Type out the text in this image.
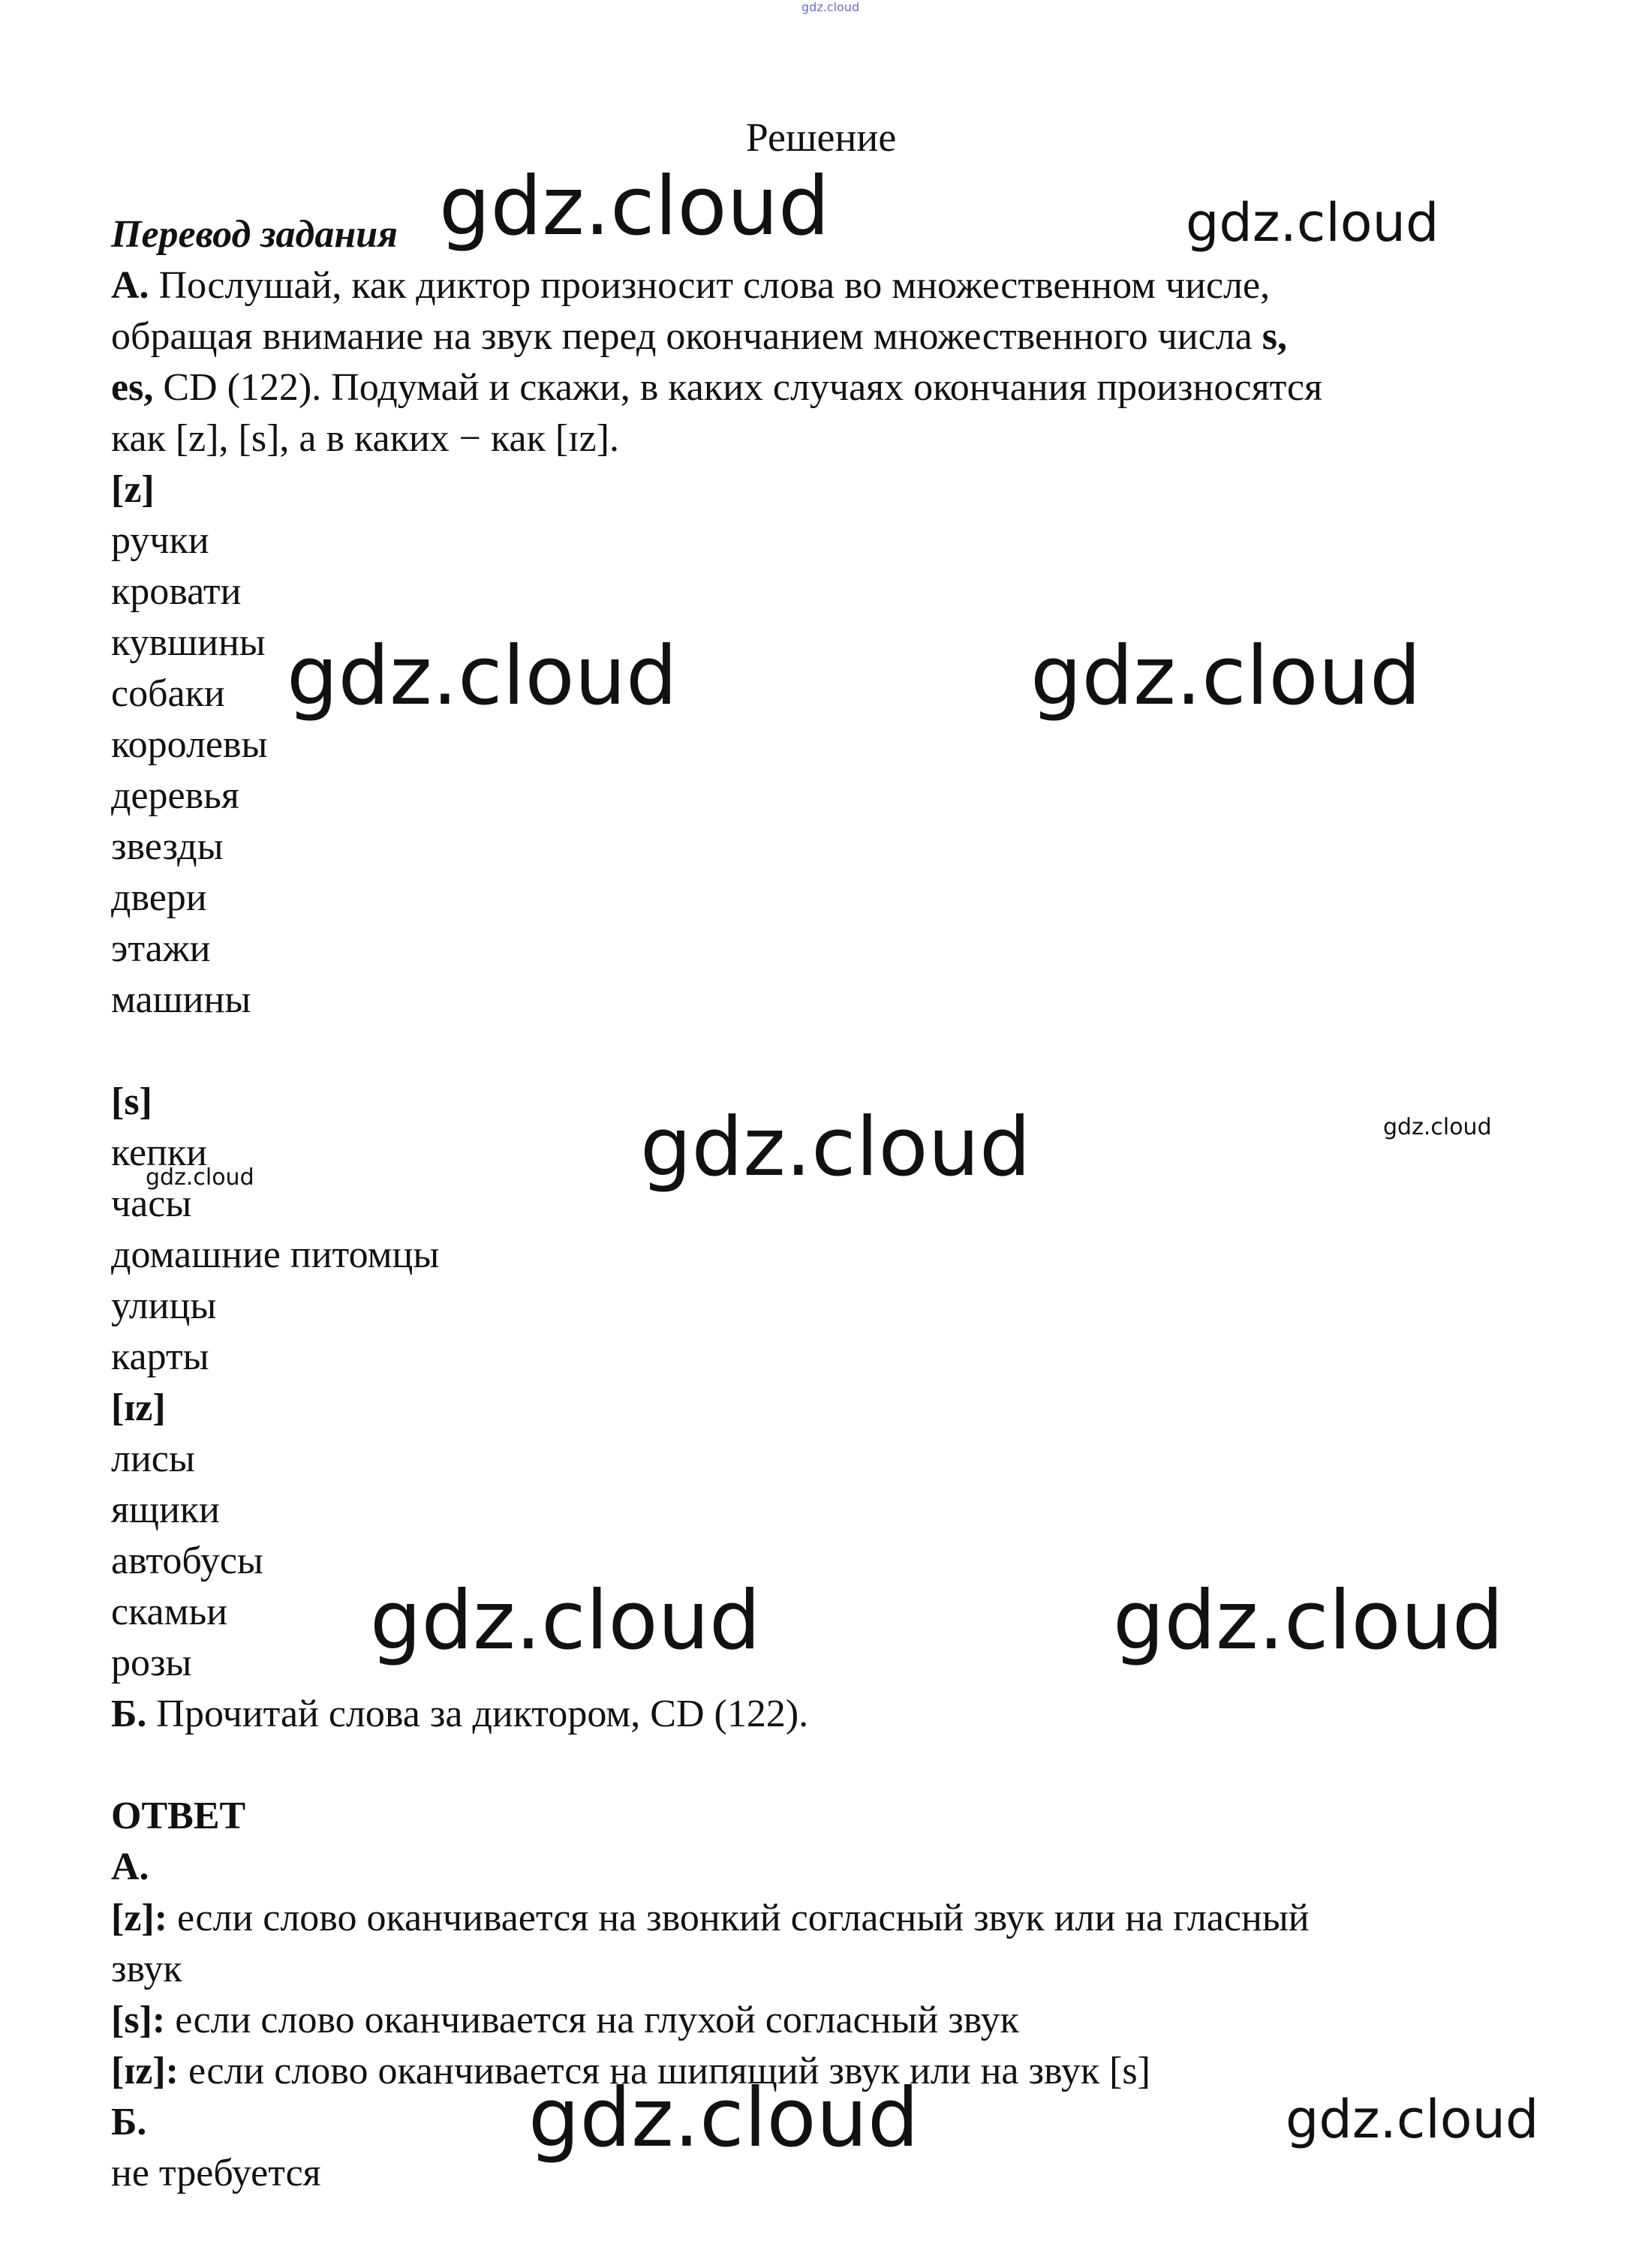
gdz.cloud
Решение
Перевод задания
А. Послушай, как диктор произносит слова во множественном числе,
обращая внимание на звук перед окончанием множественного числа s,
es, CD (122). Подумай и скажи, в каких случаях окончания произносятся
как [z], [s], а в каких − как [ɪz].
[z]
ручки
кровати
кувшины
собаки
королевы
деревья
звезды
двери
этажи
машины
[s]
кепки
часы
домашние питомцы
улицы
карты
[ɪz]
лисы
ящики
автобусы
скамьи
розы
Б. Прочитай слова за диктором, CD (122).
ОТВЕТ
А.
[z]: если слово оканчивается на звонкий согласный звук или на гласный
звук
[s]: если слово оканчивается на глухой согласный звук
[ɪz]: если слово оканчивается на шипящий звук или на звук [s]
Б.
не требуется
gdz.cloud	gdz.cloud
gdz.cloud	gdz.cloud
gdz.cloud	gdz.cloud
gdz.cloud
gdz.cloud	gdz.cloud
gdz.cloud	gdz.cloud
